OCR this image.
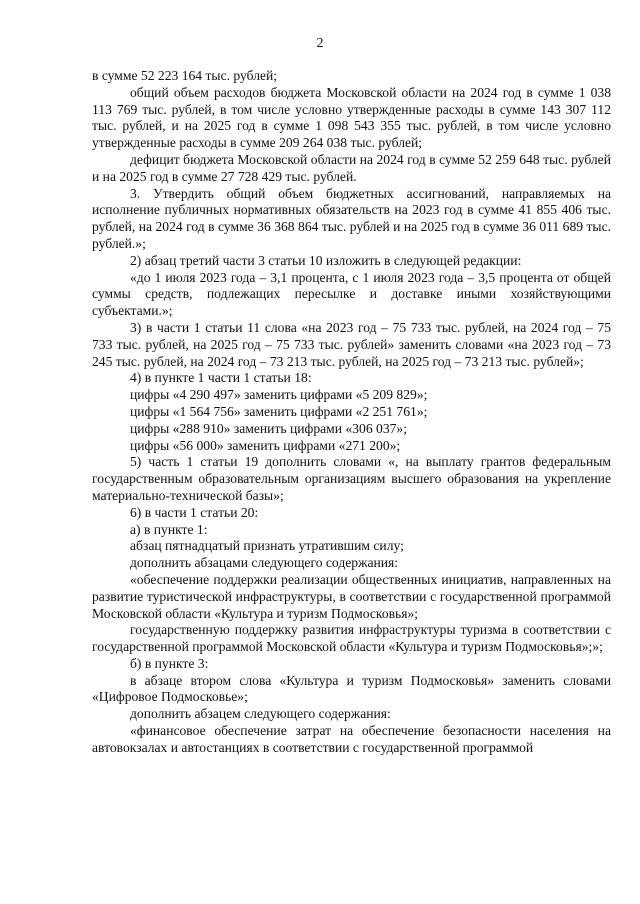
2

в сумме 52 223 164 тыс. рублей;

общий объем расходов бюджета Московской области на 2024 год в сумме 1 038 113 769 тыс. рублей, в том числе условно утвержденные расходы в сумме 143 307 112 тыс. рублей, и на 2025 год в сумме 1 098 543 355 тыс. рублей, в том числе условно утвержденные расходы в сумме 209 264 038 тыс. рублей;

дефицит бюджета Московской области на 2024 год в сумме 52 259 648 тыс. рублей и на 2025 год в сумме 27 728 429 тыс. рублей.

3. Утвердить общий объем бюджетных ассигнований, направляемых на исполнение публичных нормативных обязательств на 2023 год в сумме 41 855 406 тыс. рублей, на 2024 год в сумме 36 368 864 тыс. рублей и на 2025 год в сумме 36 011 689 тыс. рублей.»;

2) абзац третий части 3 статьи 10 изложить в следующей редакции:

«до 1 июля 2023 года – 3,1 процента, с 1 июля 2023 года – 3,5 процента от общей суммы средств, подлежащих пересылке и доставке иными хозяйствующими субъектами.»;

3) в части 1 статьи 11 слова «на 2023 год – 75 733 тыс. рублей, на 2024 год – 75 733 тыс. рублей, на 2025 год – 75 733 тыс. рублей» заменить словами «на 2023 год – 73 245 тыс. рублей, на 2024 год – 73 213 тыс. рублей, на 2025 год – 73 213 тыс. рублей»;

4) в пункте 1 части 1 статьи 18:

цифры «4 290 497» заменить цифрами «5 209 829»;

цифры «1 564 756» заменить цифрами «2 251 761»;

цифры «288 910» заменить цифрами «306 037»;

цифры «56 000» заменить цифрами «271 200»;

5) часть 1 статьи 19 дополнить словами «, на выплату грантов федеральным государственным образовательным организациям высшего образования на укрепление материально-технической базы»;

6) в части 1 статьи 20:

а) в пункте 1:

абзац пятнадцатый признать утратившим силу;

дополнить абзацами следующего содержания:

«обеспечение поддержки реализации общественных инициатив, направленных на развитие туристической инфраструктуры, в соответствии с государственной программой Московской области «Культура и туризм Подмосковья»;

государственную поддержку развития инфраструктуры туризма в соответствии с государственной программой Московской области «Культура и туризм Подмосковья»;»;

б) в пункте 3:

в абзаце втором слова «Культура и туризм Подмосковья» заменить словами «Цифровое Подмосковье»;

дополнить абзацем следующего содержания:

«финансовое обеспечение затрат на обеспечение безопасности населения на автовокзалах и автостанциях в соответствии с государственной программой
